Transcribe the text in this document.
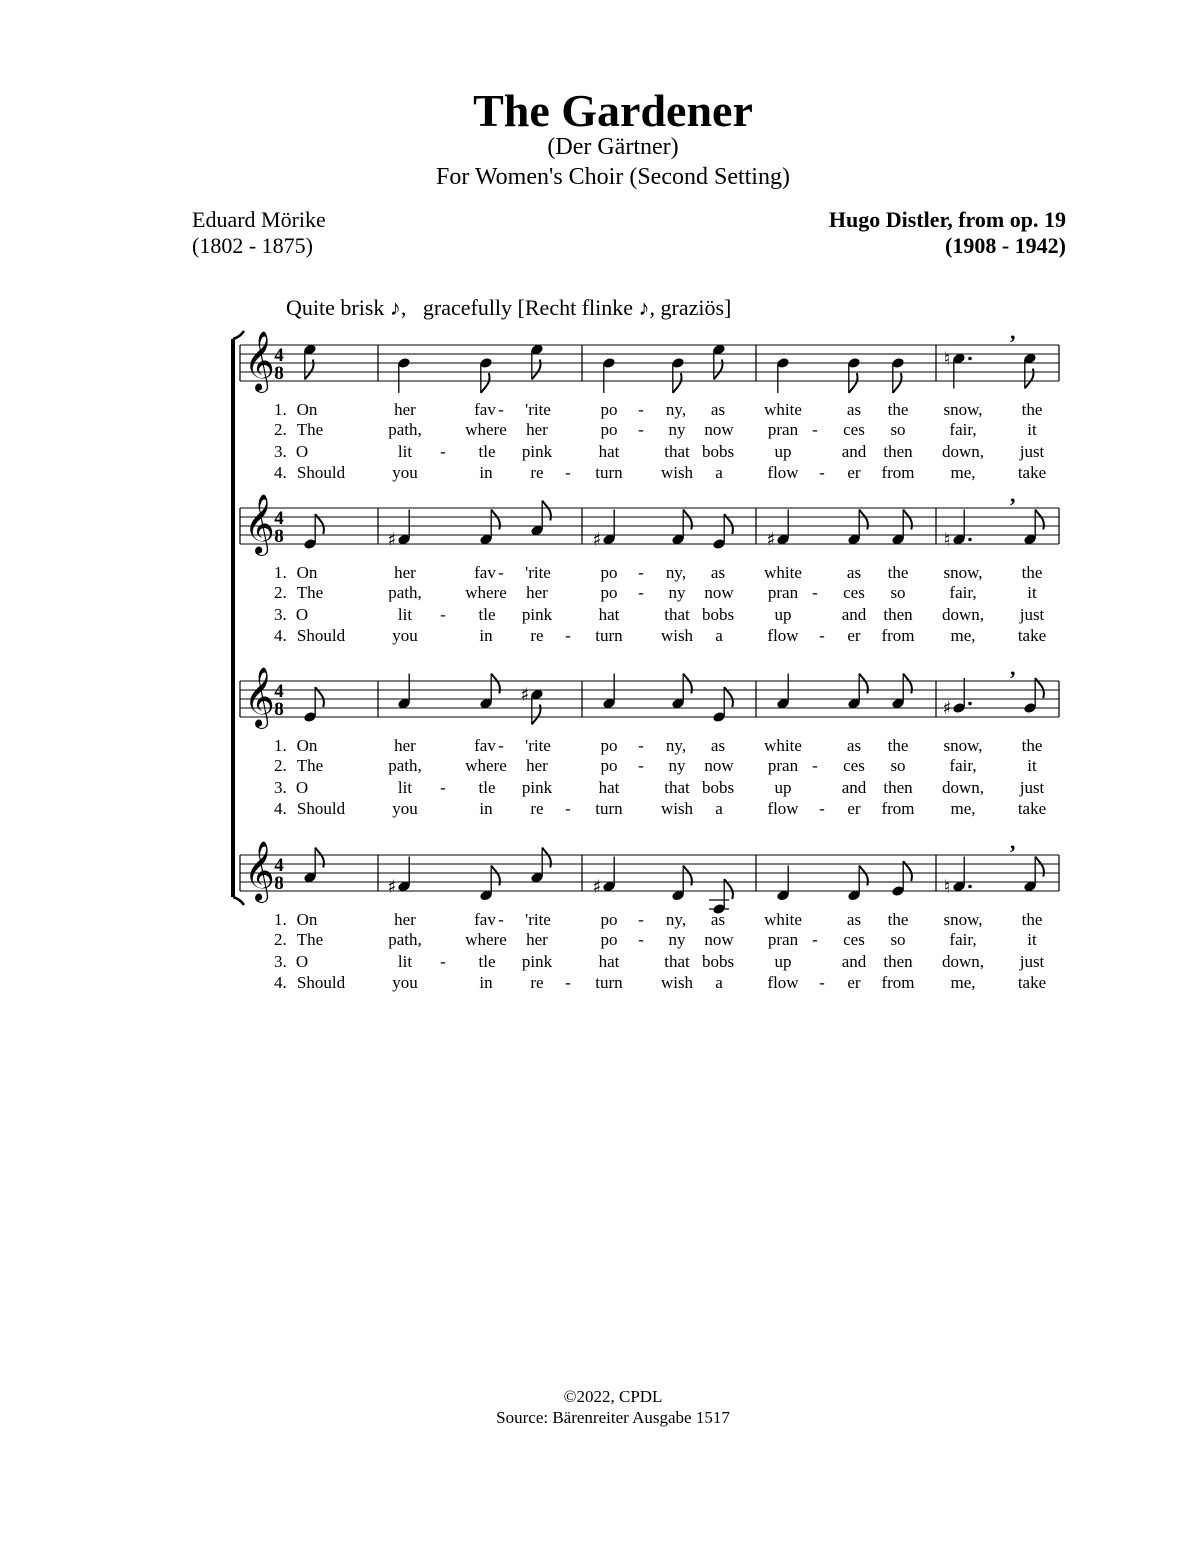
The Gardener
(Der Gärtner)
For Women's Choir (Second Setting)
Eduard Mörike
(1802 - 1875)
Hugo Distler, from op. 19
(1908 - 1942)
Quite brisk ♪,   gracefully [Recht flinke ♪, graziös]
𝄞 4
8
♮
,
1. On	her	fav - 'rite	po - ny, as white	as the snow, the
2. The	path,	where her	po - ny now pran - ces so	fair,	it
3. O	lit - tle pink	hat	that bobs up	and then down, just
4. Should	you	in re - turn wish a	flow - er from me, take
𝄞 4
8	♯	♯	♯	♮
,
1. On	her	fav - 'rite	po - ny, as white	as the snow, the
2. The	path,	where her	po - ny now pran - ces so	fair,	it
3. O	lit - tle pink	hat	that bobs up	and then down, just
4. Should	you	in re - turn wish a	flow - er from me, take
𝄞 4
8
♯
♯
,
1. On	her	fav - 'rite	po - ny, as white	as the snow, the
2. The	path,	where her	po - ny now pran - ces so	fair,	it
3. O	lit - tle pink	hat	that bobs up	and then down, just
4. Should	you	in re - turn wish a	flow - er from me, take
𝄞 4
8	♯	♯	♮
,
1. On	her	fav - 'rite	po - ny, as white	as the snow, the
2. The	path,	where her	po - ny now pran - ces so	fair,	it
3. O	lit - tle pink	hat	that bobs up	and then down, just
4. Should	you	in re - turn wish a	flow - er from me, take
©2022, CPDL
Source: Bärenreiter Ausgabe 1517
